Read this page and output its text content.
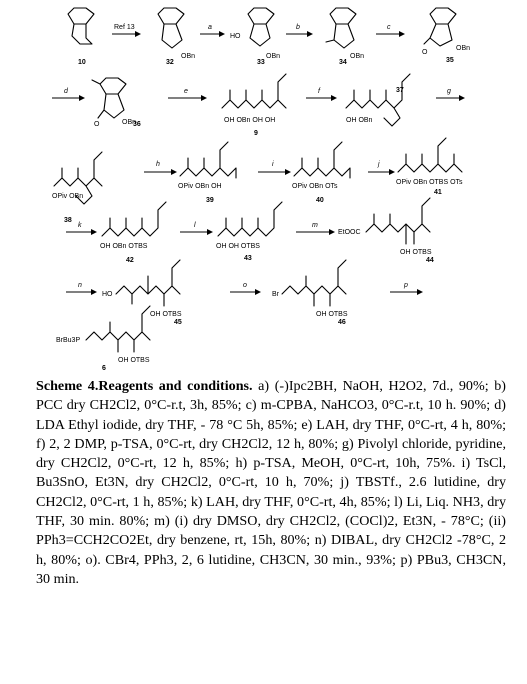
10
Ref 13
OBn
32
a
HO
OBn
33
b
OBn
34
c
O
OBn
35
d
O	OBn
36
e
OH OBn OH OH
9
f
OH OBn
37	g
OPiv OBn
38
h
OPiv OBn OH
39
i
OPiv OBn OTs
40
j
OPiv OBn OTBS OTs
41
k
OH OBn OTBS
42
l
OH OH OTBS
43
m
EtOOC
OH OTBS
44
n
HO
OH OTBS
45
o
Br
OH OTBS
46
p
BrBu3P
OH OTBS
6
Scheme 4.Reagents and conditions. a) (-)Ipc2BH, NaOH, H2O2, 7d., 90%; b) PCC dry CH2Cl2, 0°C-r.t, 3h, 85%; c) m-CPBA, NaHCO3, 0°C-r.t, 10 h. 90%; d) LDA Ethyl iodide, dry THF, - 78 °C 5h, 85%; e) LAH, dry THF, 0°C-rt, 4 h, 80%; f) 2, 2 DMP, p-TSA, 0°C-rt, dry CH2Cl2, 12 h, 80%; g) Pivolyl chloride, pyridine, dry CH2Cl2, 0°C-rt, 12 h, 85%; h) p-TSA, MeOH, 0°C-rt, 10h, 75%. i) TsCl, Bu3SnO, Et3N, dry CH2Cl2, 0°C-rt, 10 h, 70%; j) TBSTf., 2.6 lutidine, dry CH2Cl2, 0°C-rt, 1 h, 85%; k) LAH, dry THF, 0°C-rt, 4h, 85%; l) Li, Liq. NH3, dry THF, 30 min. 80%; m) (i) dry DMSO, dry CH2Cl2, (COCl)2, Et3N, - 78°C; (ii) PPh3=CCH2CO2Et, dry benzene, rt, 15h, 80%; n) DIBAL, dry CH2Cl2 -78°C, 2 h, 80%; o). CBr4, PPh3, 2, 6 lutidine, CH3CN, 30 min., 93%; p) PBu3, CH3CN, 30 min.
